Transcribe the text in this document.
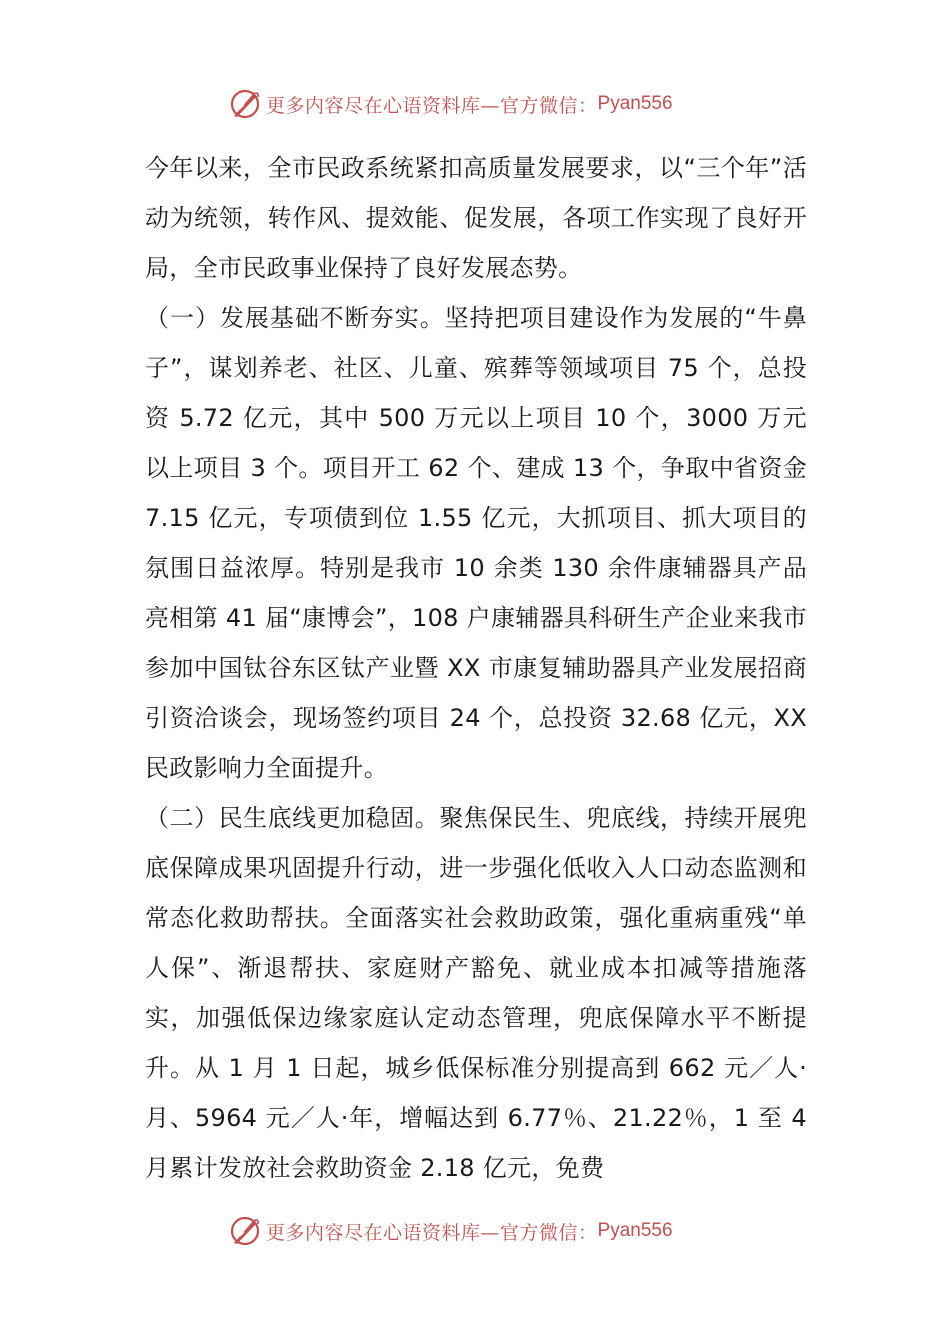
更多内容尽在心语资料库—官方微信： Pyan556

今年以来，全市民政系统紧扣高质量发展要求，以“三个年”活动为统领，转作风、提效能、促发展，各项工作实现了良好开局，全市民政事业保持了良好发展态势。

（一）发展基础不断夯实。坚持把项目建设作为发展的“牛鼻子”，谋划养老、社区、儿童、殡葬等领域项目 75 个，总投资 5.72 亿元，其中 500 万元以上项目 10 个，3000 万元以上项目 3 个。项目开工 62 个、建成 13 个，争取中省资金 7.15 亿元，专项债到位 1.55 亿元，大抓项目、抓大项目的氛围日益浓厚。特别是我市 10 余类 130 余件康辅器具产品亮相第 41 届“康博会”，108 户康辅器具科研生产企业来我市参加中国钛谷东区钛产业暨 XX 市康复辅助器具产业发展招商引资洽谈会，现场签约项目 24 个，总投资 32.68 亿元，XX 民政影响力全面提升。

（二）民生底线更加稳固。聚焦保民生、兜底线，持续开展兜底保障成果巩固提升行动，进一步强化低收入人口动态监测和常态化救助帮扶。全面落实社会救助政策，强化重病重残“单人保”、渐退帮扶、家庭财产豁免、就业成本扣减等措施落实，加强低保边缘家庭认定动态管理，兜底保障水平不断提升。从 1 月 1 日起，城乡低保标准分别提高到 662 元／人·月、5964 元／人·年，增幅达到 6.77％、21.22％，1 至 4 月累计发放社会救助资金 2.18 亿元，免费

更多内容尽在心语资料库—官方微信： Pyan556
